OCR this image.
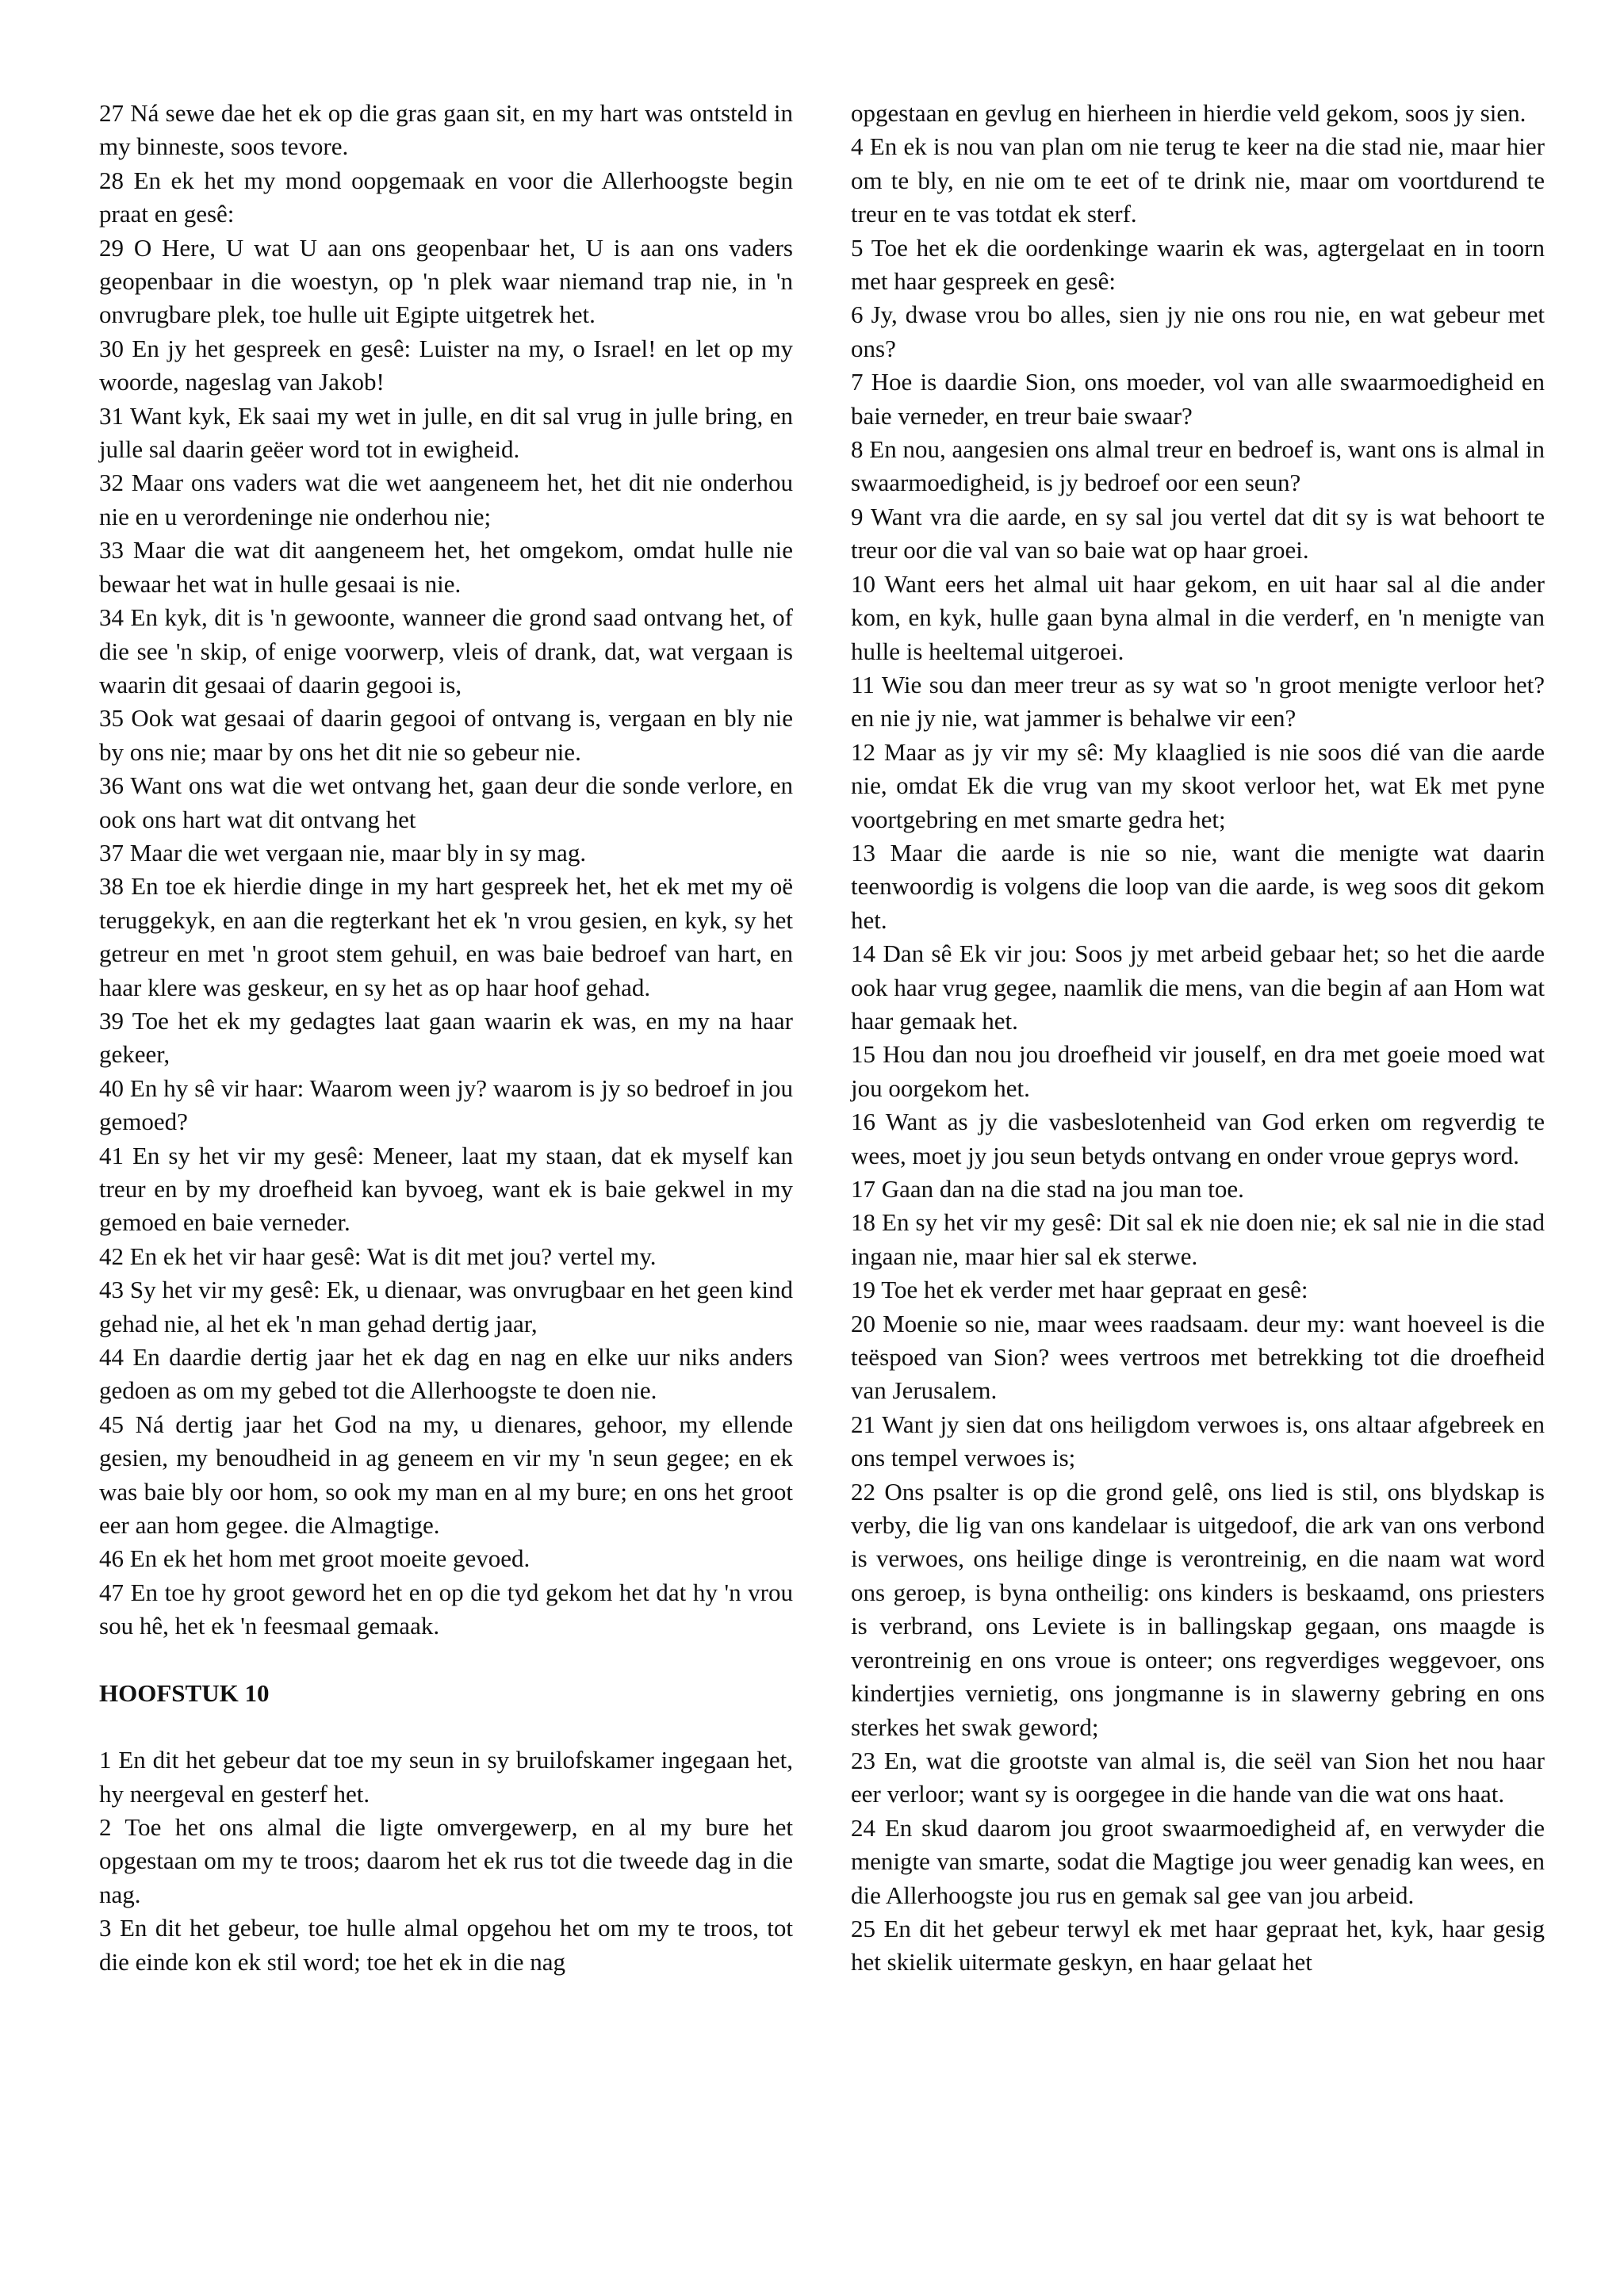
27 Ná sewe dae het ek op die gras gaan sit, en my hart was ontsteld in my binneste, soos tevore.

28 En ek het my mond oopgemaak en voor die Allerhoogste begin praat en gesê:

29 O Here, U wat U aan ons geopenbaar het, U is aan ons vaders geopenbaar in die woestyn, op 'n plek waar niemand trap nie, in 'n onvrugbare plek, toe hulle uit Egipte uitgetrek het.

30 En jy het gespreek en gesê: Luister na my, o Israel! en let op my woorde, nageslag van Jakob!

31 Want kyk, Ek saai my wet in julle, en dit sal vrug in julle bring, en julle sal daarin geëer word tot in ewigheid.

32 Maar ons vaders wat die wet aangeneem het, het dit nie onderhou nie en u verordeninge nie onderhou nie;

33 Maar die wat dit aangeneem het, het omgekom, omdat hulle nie bewaar het wat in hulle gesaai is nie.

34 En kyk, dit is 'n gewoonte, wanneer die grond saad ontvang het, of die see 'n skip, of enige voorwerp, vleis of drank, dat, wat vergaan is waarin dit gesaai of daarin gegooi is,

35 Ook wat gesaai of daarin gegooi of ontvang is, vergaan en bly nie by ons nie; maar by ons het dit nie so gebeur nie.

36 Want ons wat die wet ontvang het, gaan deur die sonde verlore, en ook ons hart wat dit ontvang het

37 Maar die wet vergaan nie, maar bly in sy mag.

38 En toe ek hierdie dinge in my hart gespreek het, het ek met my oë teruggekyk, en aan die regterkant het ek 'n vrou gesien, en kyk, sy het getreur en met 'n groot stem gehuil, en was baie bedroef van hart, en haar klere was geskeur, en sy het as op haar hoof gehad.

39 Toe het ek my gedagtes laat gaan waarin ek was, en my na haar gekeer,

40 En hy sê vir haar: Waarom ween jy? waarom is jy so bedroef in jou gemoed?

41 En sy het vir my gesê: Meneer, laat my staan, dat ek myself kan treur en by my droefheid kan byvoeg, want ek is baie gekwel in my gemoed en baie verneder.

42 En ek het vir haar gesê: Wat is dit met jou? vertel my.

43 Sy het vir my gesê: Ek, u dienaar, was onvrugbaar en het geen kind gehad nie, al het ek 'n man gehad dertig jaar,

44 En daardie dertig jaar het ek dag en nag en elke uur niks anders gedoen as om my gebed tot die Allerhoogste te doen nie.

45 Ná dertig jaar het God na my, u dienares, gehoor, my ellende gesien, my benoudheid in ag geneem en vir my 'n seun gegee; en ek was baie bly oor hom, so ook my man en al my bure; en ons het groot eer aan hom gegee. die Almagtige.

46 En ek het hom met groot moeite gevoed.

47 En toe hy groot geword het en op die tyd gekom het dat hy 'n vrou sou hê, het ek 'n feesmaal gemaak.

HOOFSTUK 10

1 En dit het gebeur dat toe my seun in sy bruilofskamer ingegaan het, hy neergeval en gesterf het.

2 Toe het ons almal die ligte omvergewerp, en al my bure het opgestaan om my te troos; daarom het ek rus tot die tweede dag in die nag.

3 En dit het gebeur, toe hulle almal opgehou het om my te troos, tot die einde kon ek stil word; toe het ek in die nag

opgestaan en gevlug en hierheen in hierdie veld gekom, soos jy sien.

4 En ek is nou van plan om nie terug te keer na die stad nie, maar hier om te bly, en nie om te eet of te drink nie, maar om voortdurend te treur en te vas totdat ek sterf.

5 Toe het ek die oordenkinge waarin ek was, agtergelaat en in toorn met haar gespreek en gesê:

6 Jy, dwase vrou bo alles, sien jy nie ons rou nie, en wat gebeur met ons?

7 Hoe is daardie Sion, ons moeder, vol van alle swaarmoedigheid en baie verneder, en treur baie swaar?

8 En nou, aangesien ons almal treur en bedroef is, want ons is almal in swaarmoedigheid, is jy bedroef oor een seun?

9 Want vra die aarde, en sy sal jou vertel dat dit sy is wat behoort te treur oor die val van so baie wat op haar groei.

10 Want eers het almal uit haar gekom, en uit haar sal al die ander kom, en kyk, hulle gaan byna almal in die verderf, en 'n menigte van hulle is heeltemal uitgeroei.

11 Wie sou dan meer treur as sy wat so 'n groot menigte verloor het? en nie jy nie, wat jammer is behalwe vir een?

12 Maar as jy vir my sê: My klaaglied is nie soos dié van die aarde nie, omdat Ek die vrug van my skoot verloor het, wat Ek met pyne voortgebring en met smarte gedra het;

13 Maar die aarde is nie so nie, want die menigte wat daarin teenwoordig is volgens die loop van die aarde, is weg soos dit gekom het.

14 Dan sê Ek vir jou: Soos jy met arbeid gebaar het; so het die aarde ook haar vrug gegee, naamlik die mens, van die begin af aan Hom wat haar gemaak het.

15 Hou dan nou jou droefheid vir jouself, en dra met goeie moed wat jou oorgekom het.

16 Want as jy die vasbeslotenheid van God erken om regverdig te wees, moet jy jou seun betyds ontvang en onder vroue geprys word.

17 Gaan dan na die stad na jou man toe.

18 En sy het vir my gesê: Dit sal ek nie doen nie; ek sal nie in die stad ingaan nie, maar hier sal ek sterwe.

19 Toe het ek verder met haar gepraat en gesê:

20 Moenie so nie, maar wees raadsaam. deur my: want hoeveel is die teëspoed van Sion? wees vertroos met betrekking tot die droefheid van Jerusalem.

21 Want jy sien dat ons heiligdom verwoes is, ons altaar afgebreek en ons tempel verwoes is;

22 Ons psalter is op die grond gelê, ons lied is stil, ons blydskap is verby, die lig van ons kandelaar is uitgedoof, die ark van ons verbond is verwoes, ons heilige dinge is verontreinig, en die naam wat word ons geroep, is byna ontheilig: ons kinders is beskaamd, ons priesters is verbrand, ons Leviete is in ballingskap gegaan, ons maagde is verontreinig en ons vroue is onteer; ons regverdiges weggevoer, ons kindertjies vernietig, ons jongmanne is in slawerny gebring en ons sterkes het swak geword;

23 En, wat die grootste van almal is, die seël van Sion het nou haar eer verloor; want sy is oorgegee in die hande van die wat ons haat.

24 En skud daarom jou groot swaarmoedigheid af, en verwyder die menigte van smarte, sodat die Magtige jou weer genadig kan wees, en die Allerhoogste jou rus en gemak sal gee van jou arbeid.

25 En dit het gebeur terwyl ek met haar gepraat het, kyk, haar gesig het skielik uitermate geskyn, en haar gelaat het
